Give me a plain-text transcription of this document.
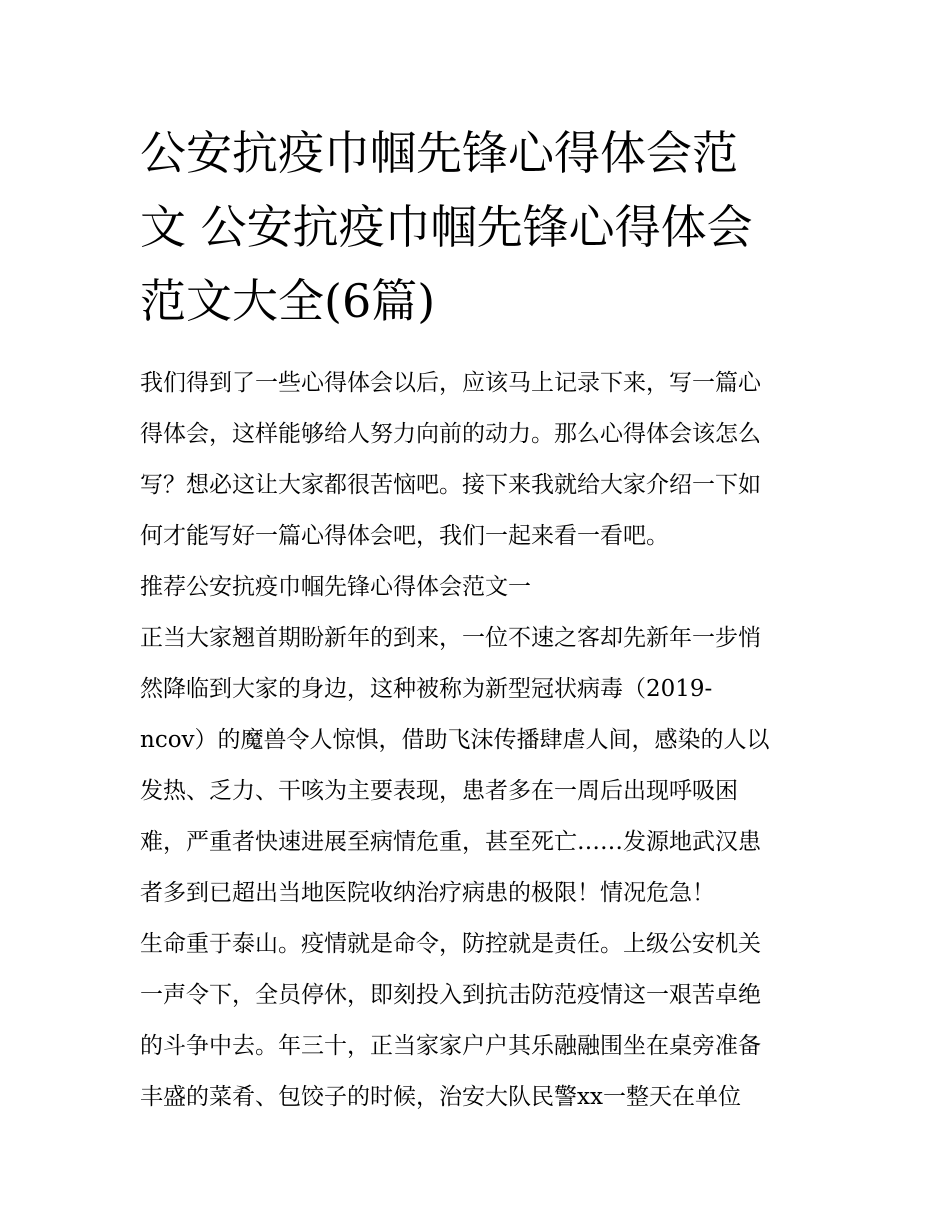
公安抗疫巾帼先锋心得体会范
文 公安抗疫巾帼先锋心得体会
范文大全(6篇)
我们得到了一些心得体会以后，应该马上记录下来，写一篇心
得体会，这样能够给人努力向前的动力。那么心得体会该怎么
写？想必这让大家都很苦恼吧。接下来我就给大家介绍一下如
何才能写好一篇心得体会吧，我们一起来看一看吧。
推荐公安抗疫巾帼先锋心得体会范文一
正当大家翘首期盼新年的到来，一位不速之客却先新年一步悄
然降临到大家的身边，这种被称为新型冠状病毒（2019-
ncov）的魔兽令人惊惧，借助飞沫传播肆虐人间，感染的人以
发热、乏力、干咳为主要表现，患者多在一周后出现呼吸困
难，严重者快速进展至病情危重，甚至死亡……发源地武汉患
者多到已超出当地医院收纳治疗病患的极限！情况危急！
生命重于泰山。疫情就是命令，防控就是责任。上级公安机关
一声令下，全员停休，即刻投入到抗击防范疫情这一艰苦卓绝
的斗争中去。年三十，正当家家户户其乐融融围坐在桌旁准备
丰盛的菜肴、包饺子的时候，治安大队民警xx一整天在单位
